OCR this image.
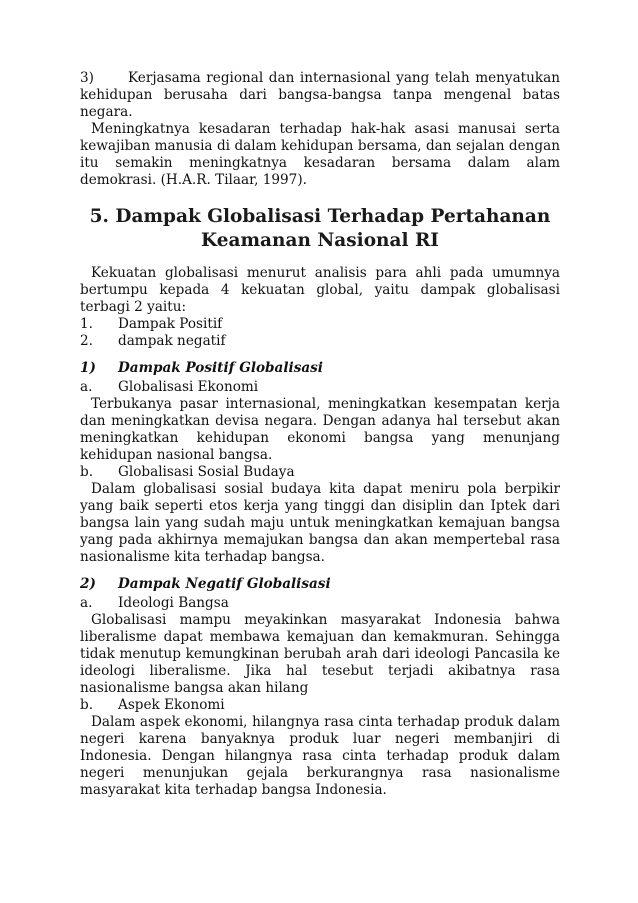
3)	Kerjasama regional dan internasional yang telah menyatukan

kehidupan berusaha dari bangsa-bangsa tanpa mengenal batas negara.

Meningkatnya kesadaran terhadap hak-hak asasi manusai serta kewajiban manusia di dalam kehidupan bersama, dan sejalan dengan itu semakin meningkatnya kesadaran bersama dalam alam demokrasi. (H.A.R. Tilaar, 1997).

5. Dampak Globalisasi Terhadap Pertahanan
Keamanan Nasional RI

Kekuatan globalisasi menurut analisis para ahli pada umumnya bertumpu kepada 4 kekuatan global, yaitu dampak globalisasi terbagi 2 yaitu:

1.	Dampak Positif
2.	dampak negatif
1)	Dampak Positif Globalisasi
a.	Globalisasi Ekonomi

Terbukanya pasar internasional, meningkatkan kesempatan kerja dan meningkatkan devisa negara. Dengan adanya hal tersebut akan meningkatkan kehidupan ekonomi bangsa yang menunjang kehidupan nasional bangsa.

b.	Globalisasi Sosial Budaya

Dalam globalisasi sosial budaya kita dapat meniru pola berpikir yang baik seperti etos kerja yang tinggi dan disiplin dan Iptek dari bangsa lain yang sudah maju untuk meningkatkan kemajuan bangsa yang pada akhirnya memajukan bangsa dan akan mempertebal rasa nasionalisme kita terhadap bangsa.

2)	Dampak Negatif Globalisasi
a.	Ideologi Bangsa

Globalisasi mampu meyakinkan masyarakat Indonesia bahwa liberalisme dapat membawa kemajuan dan kemakmuran. Sehingga tidak menutup kemungkinan berubah arah dari ideologi Pancasila ke ideologi liberalisme. Jika hal tesebut terjadi akibatnya rasa nasionalisme bangsa akan hilang

b.	Aspek Ekonomi

Dalam aspek ekonomi, hilangnya rasa cinta terhadap produk dalam negeri karena banyaknya produk luar negeri membanjiri di Indonesia. Dengan hilangnya rasa cinta terhadap produk dalam negeri menunjukan gejala berkurangnya rasa nasionalisme masyarakat kita terhadap bangsa Indonesia.
